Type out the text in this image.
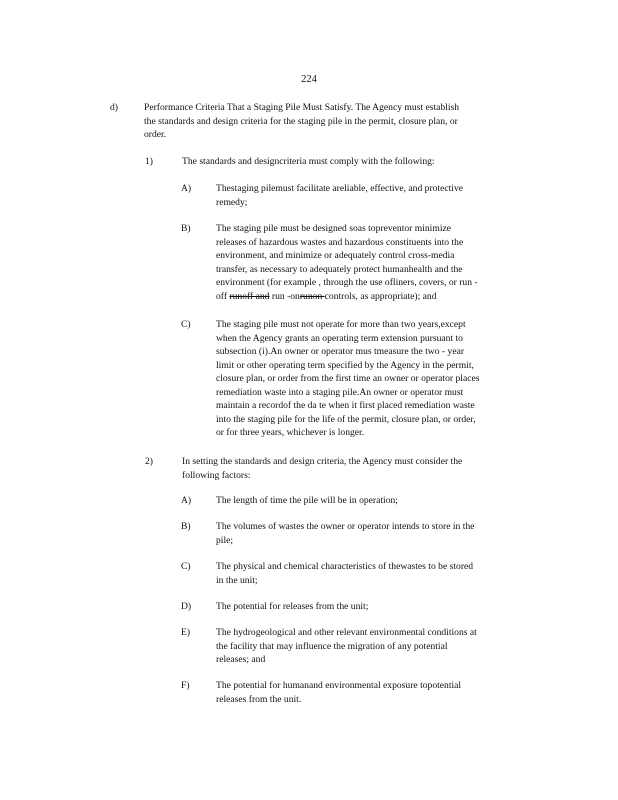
224
d)	Performance Criteria That a Staging Pile Must Satisfy. The Agency must establish
the standards and design criteria for the staging pile in the permit, closure plan, or
order.
1)	The standards and designcriteria must comply with the following:
A)	Thestaging pilemust facilitate areliable, effective, and protective
remedy;
B)	The staging pile must be designed soas topreventor minimize
releases of hazardous wastes and hazardous constituents into the
environment, and minimize or adequately control cross-media
transfer, as necessary to adequately protect humanhealth and the
environment (for example , through the use ofliners, covers, or run -
off runoff and run -onrunon controls, as appropriate); and
C)	The staging pile must not operate for more than two years,except
when the Agency grants an operating term extension pursuant to
subsection (i).An owner or operator mus tmeasure the two - year
limit or other operating term specified by the Agency in the permit,
closure plan, or order from the first time an owner or operator places
remediation waste into a staging pile.An owner or operator must
maintain a recordof the da te when it first placed remediation waste
into the staging pile for the life of the permit, closure plan, or order,
or for three years, whichever is longer.
2)	In setting the standards and design criteria, the Agency must consider the
following factors:
A)	The length of time the pile will be in operation;
B)	The volumes of wastes the owner or operator intends to store in the
pile;
C)	The physical and chemical characteristics of thewastes to be stored
in the unit;
D)	The potential for releases from the unit;
E)	The hydrogeological and other relevant environmental conditions at
the facility that may influence the migration of any potential
releases; and
F)	The potential for humanand environmental exposure topotential
releases from the unit.
